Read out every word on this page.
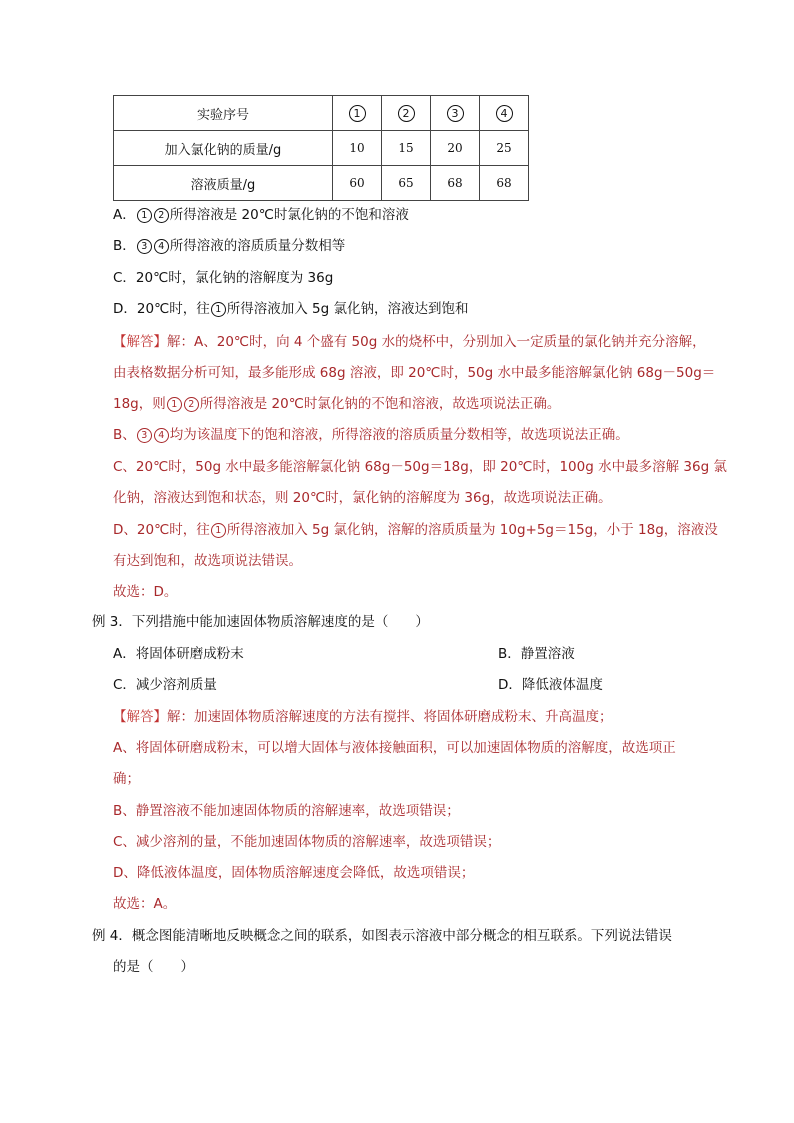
实验序号	1	2	3	4
加入氯化钠的质量/g	10	15	20	25
溶液质量/g	60	65	68	68
A． 1 2 所得溶液是 20℃时氯化钠的不饱和溶液
B． 3 4 所得溶液的溶质质量分数相等
C．20℃时，氯化钠的溶解度为 36g
D．20℃时，往 1 所得溶液加入 5g 氯化钠，溶液达到饱和
【解答】解：A、20℃时，向 4 个盛有 50g 水的烧杯中，分别加入一定质量的氯化钠并充分溶解，
由表格数据分析可知，最多能形成 68g 溶液，即 20℃时，50g 水中最多能溶解氯化钠 68g－50g＝
18g，则 1 2 所得溶液是 20℃时氯化钠的不饱和溶液，故选项说法正确。
B、 3 4 均为该温度下的饱和溶液，所得溶液的溶质质量分数相等，故选项说法正确。
C、20℃时，50g 水中最多能溶解氯化钠 68g－50g＝18g，即 20℃时，100g 水中最多溶解 36g 氯
化钠，溶液达到饱和状态，则 20℃时，氯化钠的溶解度为 36g，故选项说法正确。
D、20℃时，往 1 所得溶液加入 5g 氯化钠，溶解的溶质质量为 10g+5g＝15g，小于 18g，溶液没
有达到饱和，故选项说法错误。
故选：D。
例 3．下列措施中能加速固体物质溶解速度的是（　　）
A．将固体研磨成粉末	B．静置溶液
C．减少溶剂质量	D．降低液体温度
【解答】解：加速固体物质溶解速度的方法有搅拌、将固体研磨成粉末、升高温度；
A、将固体研磨成粉末，可以增大固体与液体接触面积，可以加速固体物质的溶解度，故选项正
确；
B、静置溶液不能加速固体物质的溶解速率，故选项错误；
C、减少溶剂的量，不能加速固体物质的溶解速率，故选项错误；
D、降低液体温度，固体物质溶解速度会降低，故选项错误；
故选：A。
例 4．概念图能清晰地反映概念之间的联系，如图表示溶液中部分概念的相互联系。下列说法错误
的是（　　）
